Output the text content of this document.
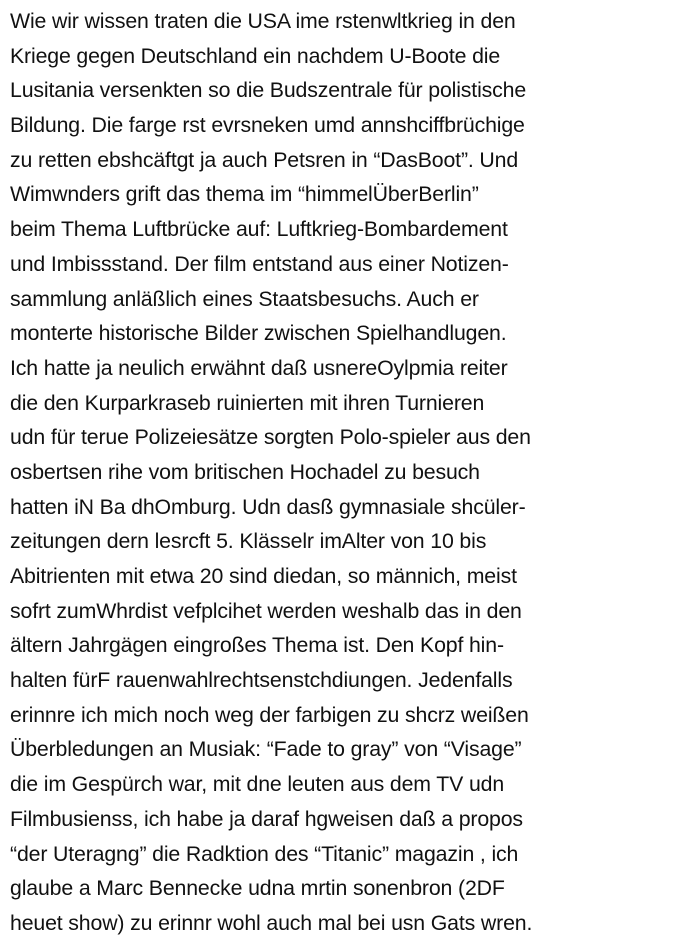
Wie wir wissen traten die USA ime rstenwltkrieg in den
Kriege gegen Deutschland ein nachdem U-Boote die
Lusitania versenkten so die Budszentrale für polistische
Bildung. Die farge rst evrsneken umd annshciffbrüchige
zu retten ebshcäftgt ja auch Petsren in “DasBoot”. Und
Wimwnders grift das thema im “himmelÜberBerlin”
beim Thema Luftbrücke auf: Luftkrieg-Bombardement
und Imbissstand. Der film entstand aus einer Notizen-
sammlung anläßlich eines Staatsbesuchs. Auch er
monterte historische Bilder zwischen Spielhandlugen.
Ich hatte ja neulich erwähnt daß usnereOylpmia reiter
die den Kurparkraseb ruinierten mit ihren Turnieren
udn für terue Polizeiesätze sorgten Polo-spieler aus den
osbertsen rihe vom britischen Hochadel zu besuch
hatten iN Ba dhOmburg. Udn dasß gymnasiale shcüler-
zeitungen dern lesrcft 5. Klässelr imAlter von 10 bis
Abitrienten mit etwa 20 sind diedan, so männich, meist
sofrt zumWhrdist vefplcihet werden weshalb das in den
ältern Jahrgägen eingroßes Thema ist. Den Kopf hin-
halten fürF rauenwahlrechtsenstchdiungen. Jedenfalls
erinnre ich mich noch weg der farbigen zu shcrz weißen
Überbledungen an Musiak: “Fade to gray” von “Visage”
die im Gespürch war, mit dne leuten aus dem TV udn
Filmbusienss, ich habe ja daraf hgweisen daß a propos
“der Uteragng” die Radktion des “Titanic” magazin , ich
glaube a Marc Bennecke udna mrtin sonenbron (2DF
heuet show) zu erinnr wohl auch mal bei usn Gats wren.
